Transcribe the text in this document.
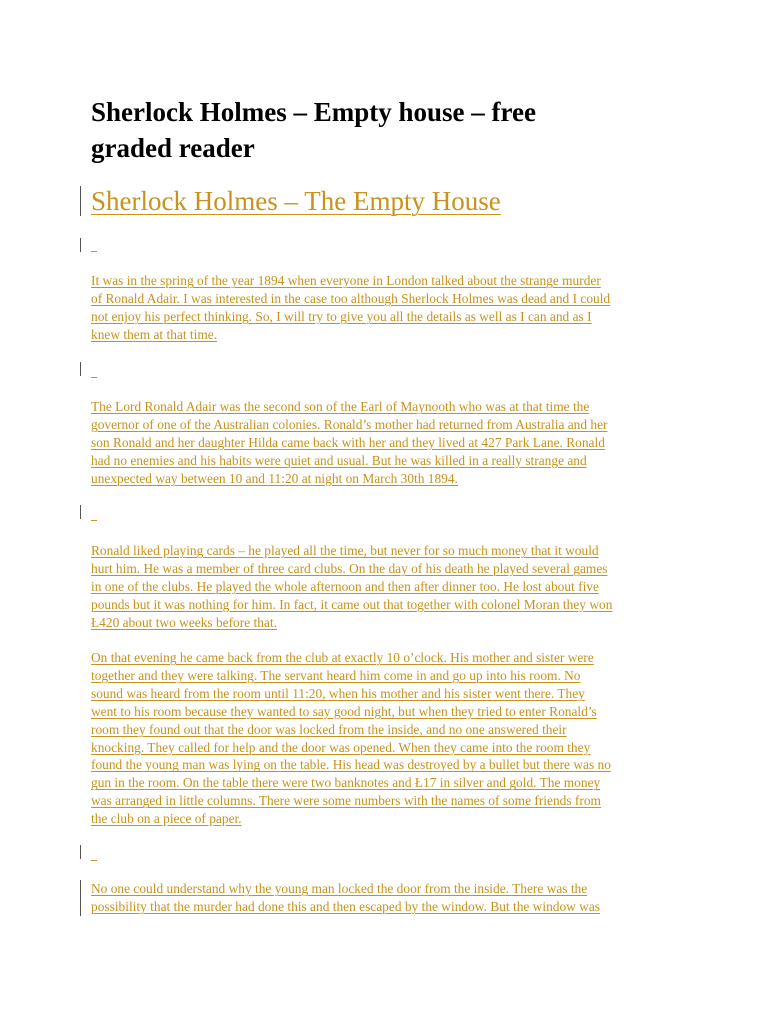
Sherlock Holmes – Empty house – free
graded reader
Sherlock Holmes – The Empty House

It was in the spring of the year 1894 when everyone in London talked about the strange murder
of Ronald Adair. I was interested in the case too although Sherlock Holmes was dead and I could
not enjoy his perfect thinking. So, I will try to give you all the details as well as I can and as I
knew them at that time.

The Lord Ronald Adair was the second son of the Earl of Maynooth who was at that time the
governor of one of the Australian colonies. Ronald’s mother had returned from Australia and her
son Ronald and her daughter Hilda came back with her and they lived at 427 Park Lane. Ronald
had no enemies and his habits were quiet and usual. But he was killed in a really strange and
unexpected way between 10 and 11:20 at night on March 30th 1894.

Ronald liked playing cards – he played all the time, but never for so much money that it would
hurt him. He was a member of three card clubs. On the day of his death he played several games
in one of the clubs. He played the whole afternoon and then after dinner too. He lost about five
pounds but it was nothing for him. In fact, it came out that together with colonel Moran they won
Ł420 about two weeks before that.

On that evening he came back from the club at exactly 10 o’clock. His mother and sister were
together and they were talking. The servant heard him come in and go up into his room. No
sound was heard from the room until 11:20, when his mother and his sister went there. They
went to his room because they wanted to say good night, but when they tried to enter Ronald’s
room they found out that the door was locked from the inside, and no one answered their
knocking. They called for help and the door was opened. When they came into the room they
found the young man was lying on the table. His head was destroyed by a bullet but there was no
gun in the room. On the table there were two banknotes and Ł17 in silver and gold. The money
was arranged in little columns. There were some numbers with the names of some friends from
the club on a piece of paper.

No one could understand why the young man locked the door from the inside. There was the
possibility that the murder had done this and then escaped by the window. But the window was
